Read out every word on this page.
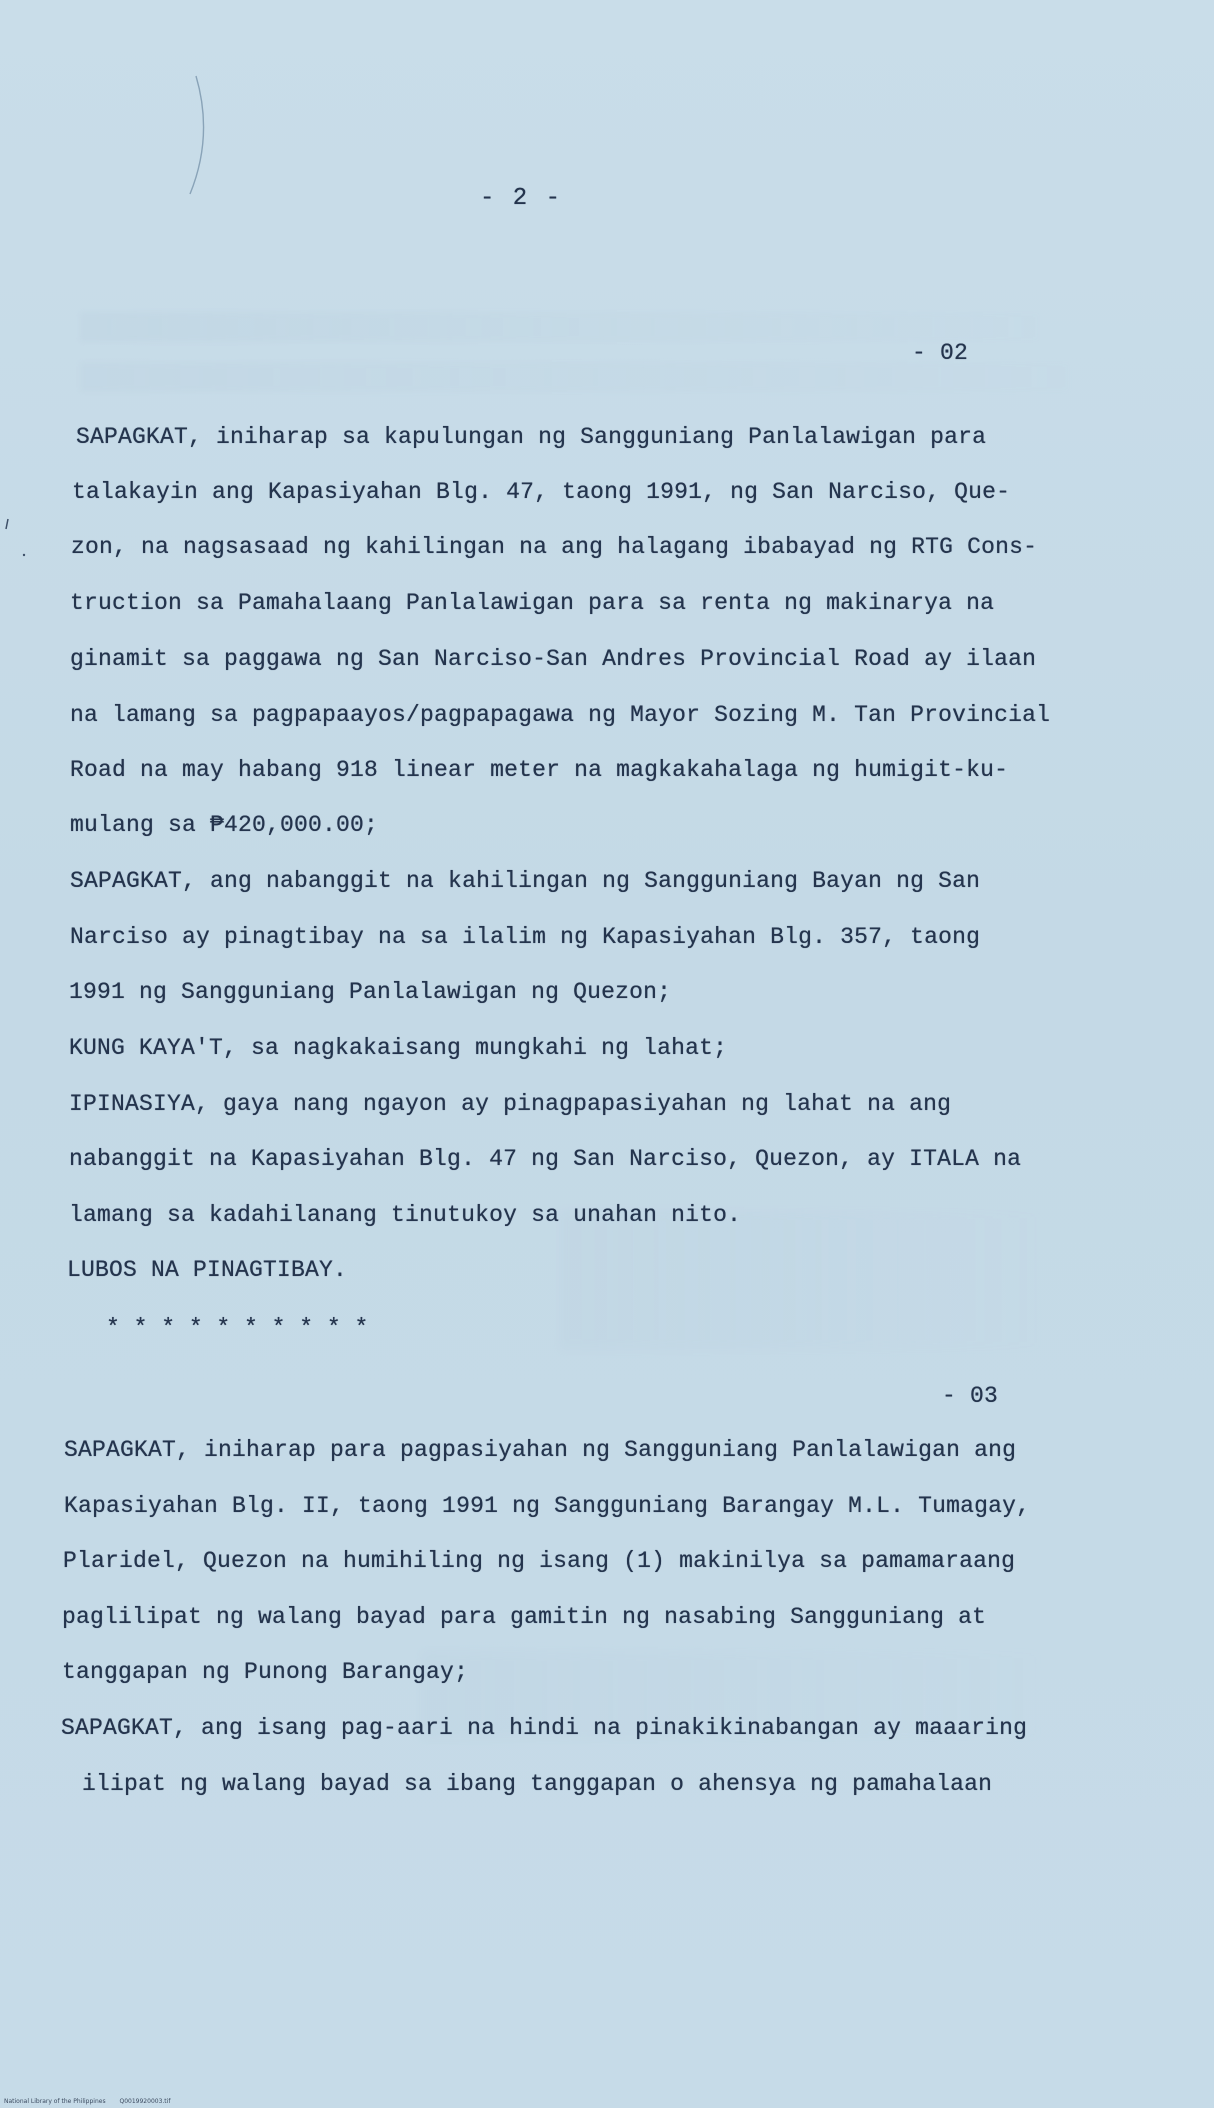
- 2 -
- 02
SAPAGKAT, iniharap sa kapulungan ng Sangguniang Panlalawigan para
talakayin ang Kapasiyahan Blg. 47, taong 1991, ng San Narciso, Que-
zon, na nagsasaad ng kahilingan na ang halagang ibabayad ng RTG Cons-
truction sa Pamahalaang Panlalawigan para sa renta ng makinarya na
ginamit sa paggawa ng San Narciso-San Andres Provincial Road ay ilaan
na lamang sa pagpapaayos/pagpapagawa ng Mayor Sozing M. Tan Provincial
Road na may habang 918 linear meter na magkakahalaga ng humigit-ku-
mulang sa ₱420,000.00;
SAPAGKAT, ang nabanggit na kahilingan ng Sangguniang Bayan ng San
Narciso ay pinagtibay na sa ilalim ng Kapasiyahan Blg. 357, taong
1991 ng Sangguniang Panlalawigan ng Quezon;
KUNG KAYA'T, sa nagkakaisang mungkahi ng lahat;
IPINASIYA, gaya nang ngayon ay pinagpapasiyahan ng lahat na ang
nabanggit na Kapasiyahan Blg. 47 ng San Narciso, Quezon, ay ITALA na
lamang sa kadahilanang tinutukoy sa unahan nito.
LUBOS NA PINAGTIBAY.
* * * * * * * * * *
- 03
SAPAGKAT, iniharap para pagpasiyahan ng Sangguniang Panlalawigan ang
Kapasiyahan Blg. II, taong 1991 ng Sangguniang Barangay M.L. Tumagay,
Plaridel, Quezon na humihiling ng isang (1) makinilya sa pamamaraang
paglilipat ng walang bayad para gamitin ng nasabing Sangguniang at
tanggapan ng Punong Barangay;
SAPAGKAT, ang isang pag-aari na hindi na pinakikinabangan ay maaaring
ilipat ng walang bayad sa ibang tanggapan o ahensya ng pamahalaan
National Library of the Philippines Q0019920003.tif
